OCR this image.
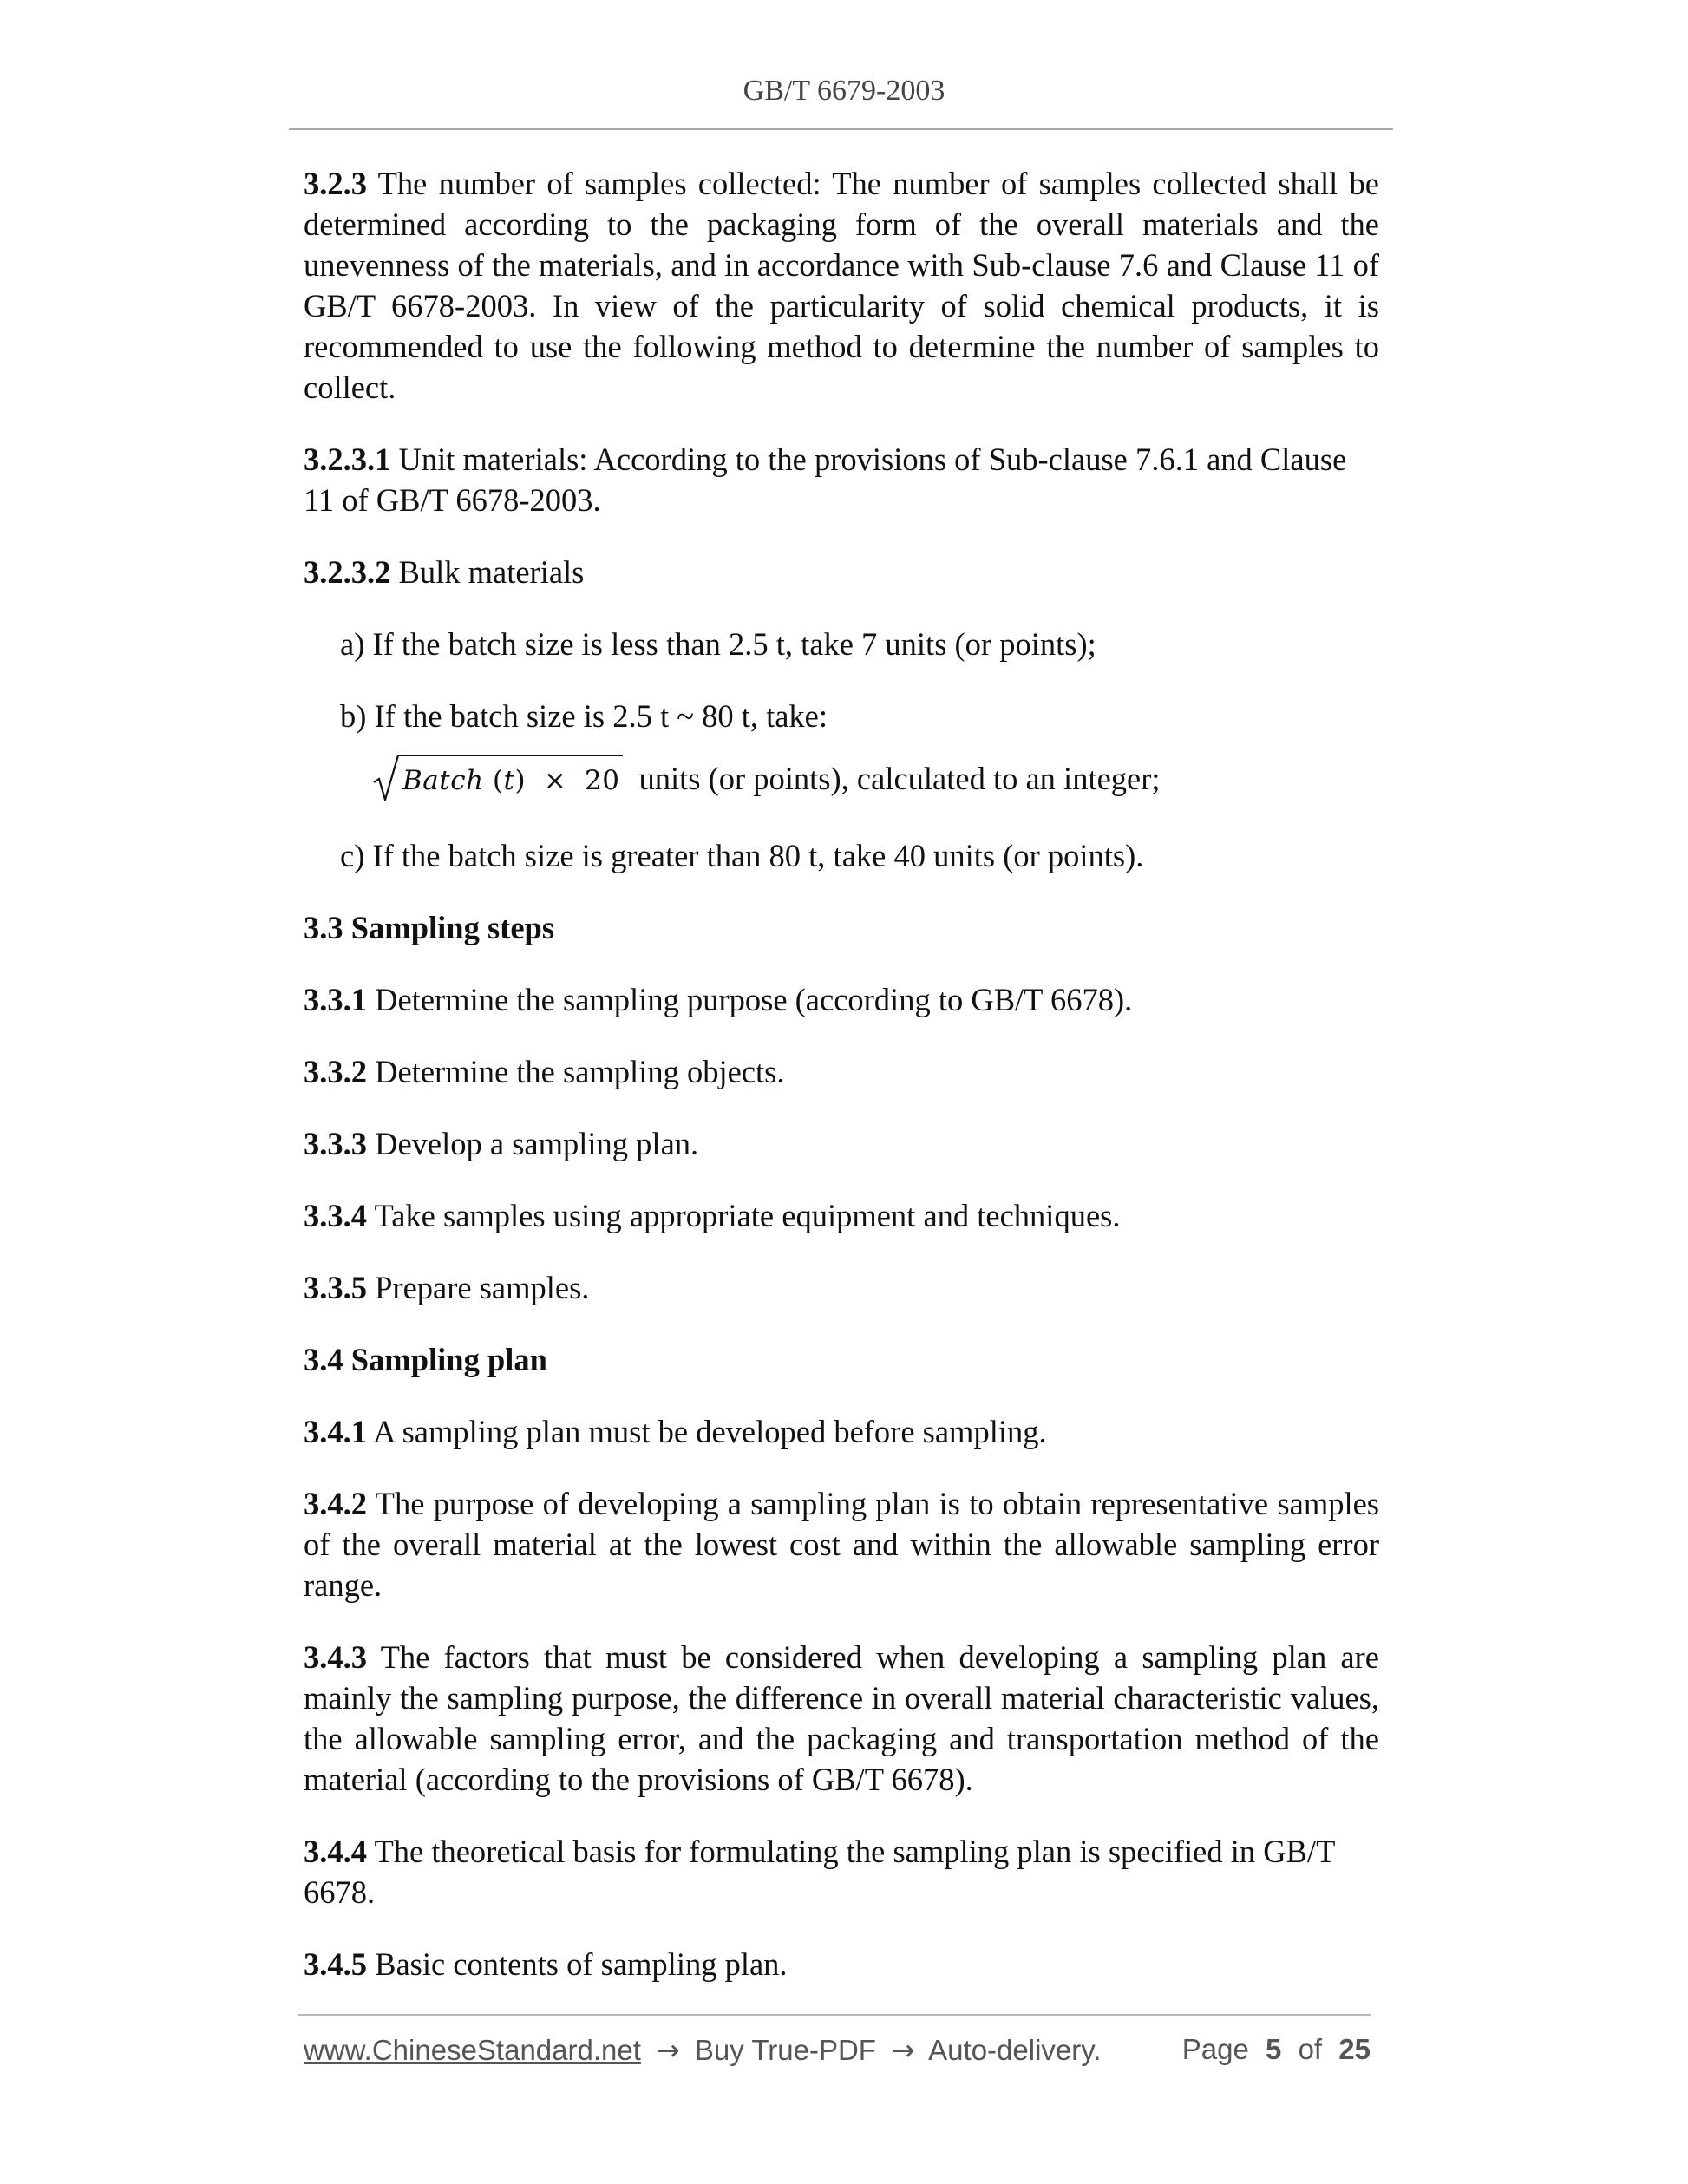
GB/T 6679-2003

3.2.3 The number of samples collected: The number of samples collected shall be determined according to the packaging form of the overall materials and the unevenness of the materials, and in accordance with Sub-clause 7.6 and Clause 11 of GB/T 6678-2003. In view of the particularity of solid chemical products, it is recommended to use the following method to determine the number of samples to collect.

3.2.3.1 Unit materials: According to the provisions of Sub-clause 7.6.1 and Clause 11 of GB/T 6678-2003.

3.2.3.2 Bulk materials

a) If the batch size is less than 2.5 t, take 7 units (or points);

b) If the batch size is 2.5 t ~ 80 t, take:

Batch
( t )
×
20 units (or points), calculated to an integer;

c) If the batch size is greater than 80 t, take 40 units (or points).

3.3 Sampling steps

3.3.1 Determine the sampling purpose (according to GB/T 6678).

3.3.2 Determine the sampling objects.

3.3.3 Develop a sampling plan.

3.3.4 Take samples using appropriate equipment and techniques.

3.3.5 Prepare samples.

3.4 Sampling plan

3.4.1 A sampling plan must be developed before sampling.

3.4.2 The purpose of developing a sampling plan is to obtain representative samples of the overall material at the lowest cost and within the allowable sampling error range.

3.4.3 The factors that must be considered when developing a sampling plan are mainly the sampling purpose, the difference in overall material characteristic values, the allowable sampling error, and the packaging and transportation method of the material (according to the provisions of GB/T 6678).

3.4.4 The theoretical basis for formulating the sampling plan is specified in GB/T 6678.

3.4.5 Basic contents of sampling plan.

www.ChineseStandard.net → Buy True-PDF → Auto-delivery.	Page 5 of 25
